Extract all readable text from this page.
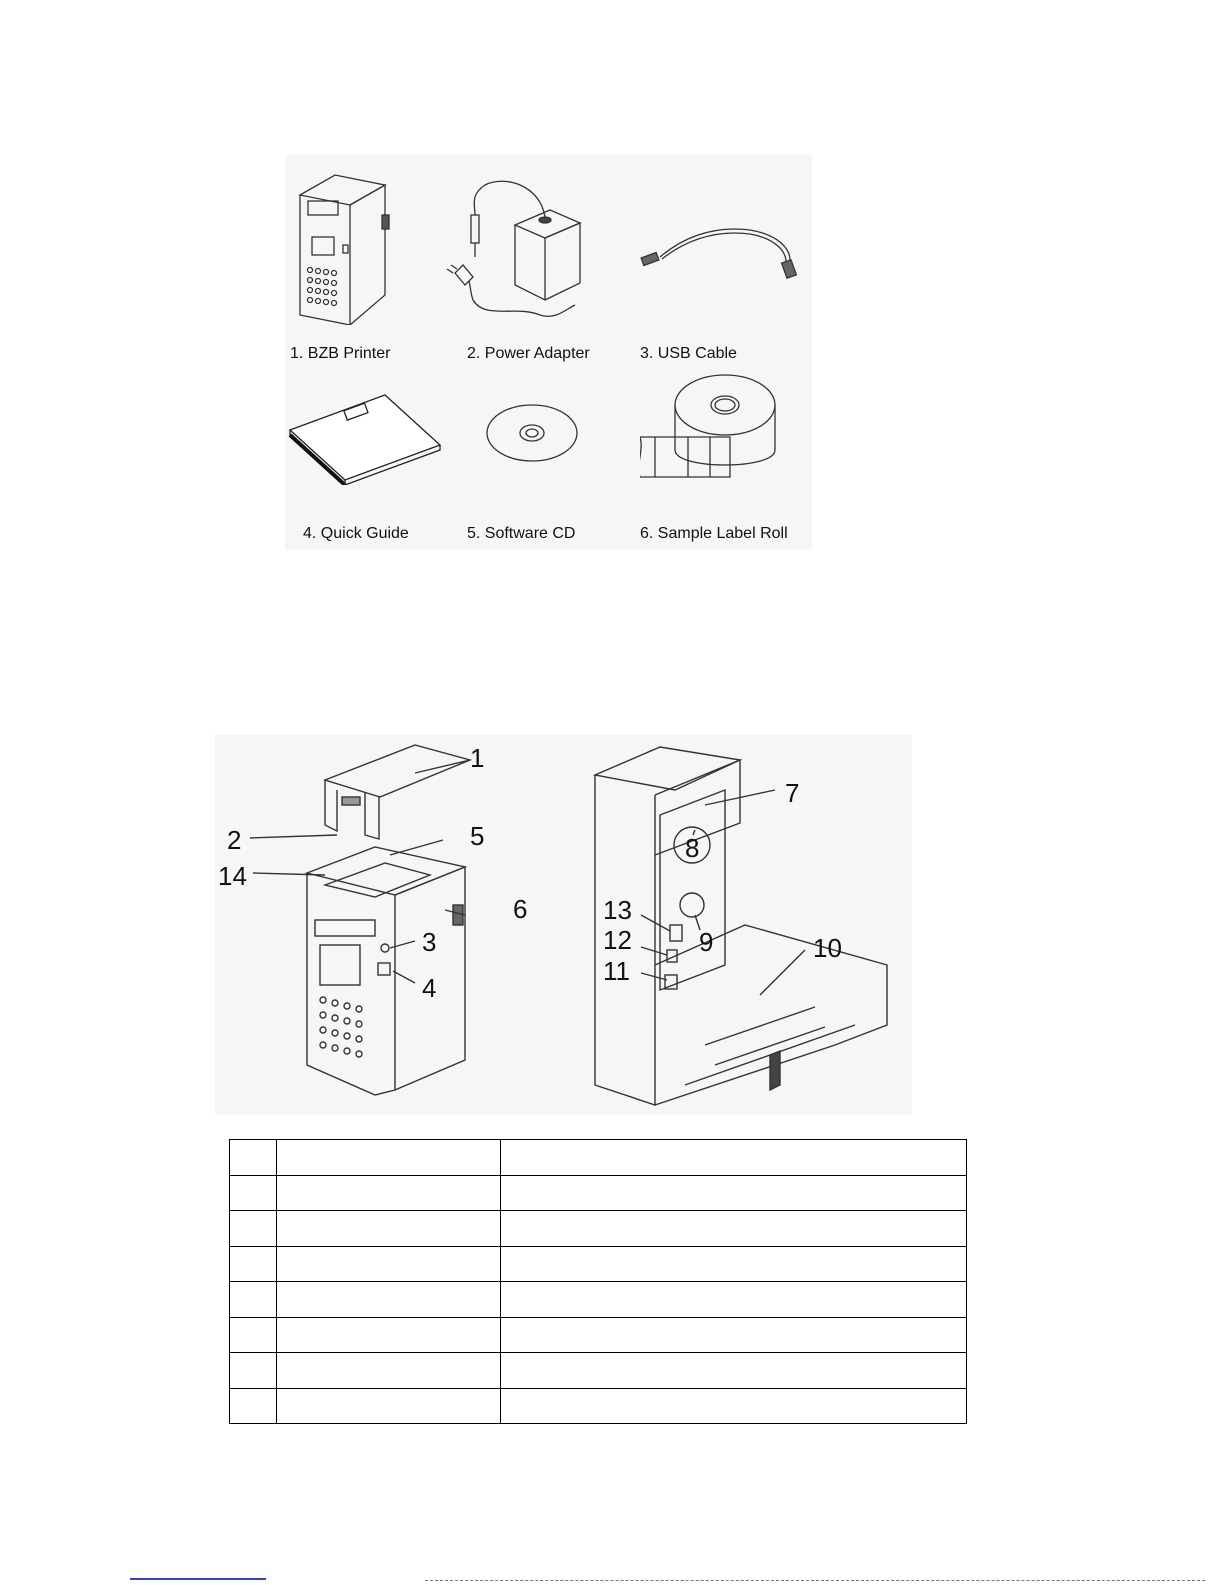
1. BZB Printer	2. Power Adapter	3. USB Cable
4. Quick Guide	5. Software CD	6. Sample Label Roll
1
2
3
4
5
6
7
8
9	10
11
12
13
14
